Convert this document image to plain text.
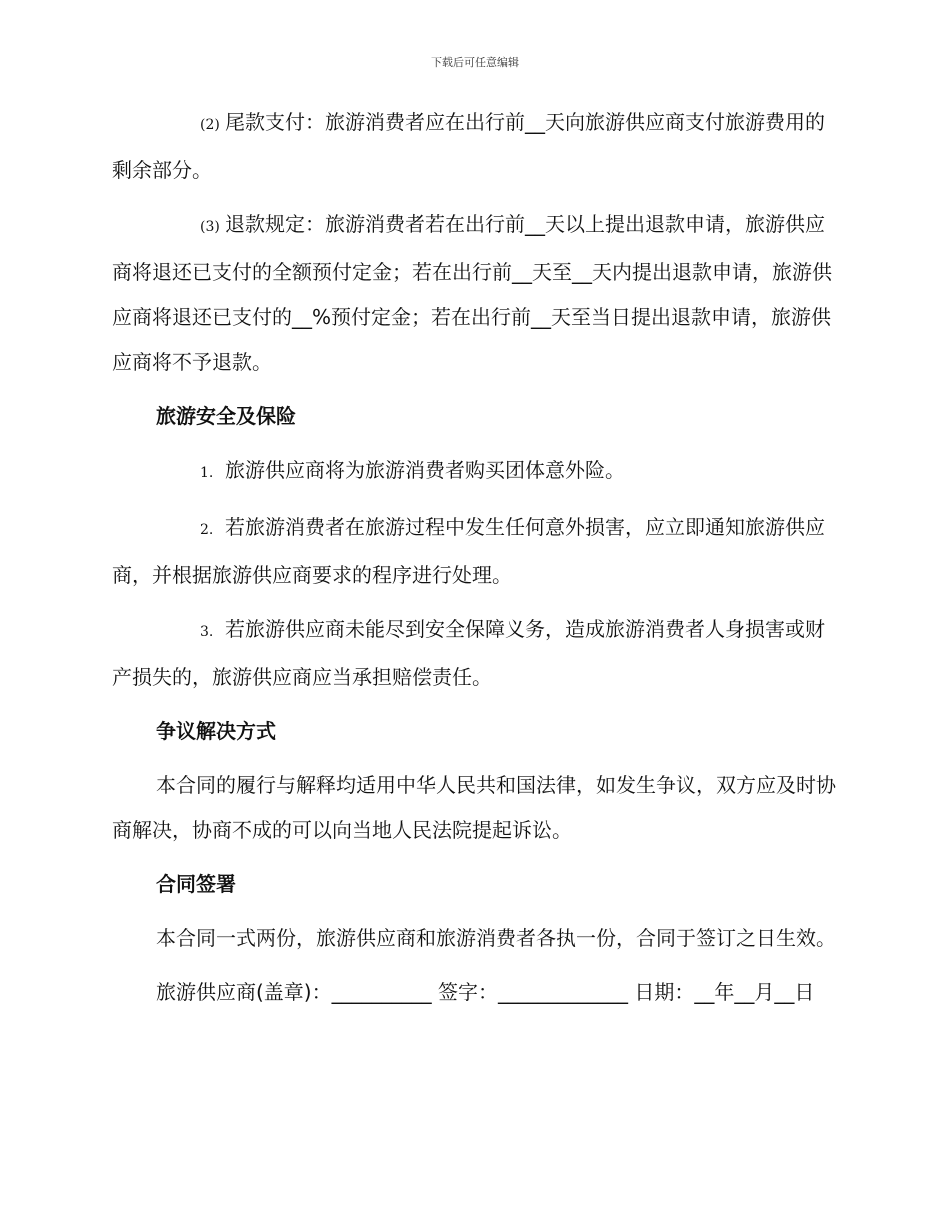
下载后可任意编辑

(2) 尾款支付：旅游消费者应在出行前__天向旅游供应商支付旅游费用的剩余部分。

(3) 退款规定：旅游消费者若在出行前__天以上提出退款申请，旅游供应商将退还已支付的全额预付定金；若在出行前__天至__天内提出退款申请，旅游供应商将退还已支付的__%预付定金；若在出行前__天至当日提出退款申请，旅游供应商将不予退款。

旅游安全及保险

1. 旅游供应商将为旅游消费者购买团体意外险。

2. 若旅游消费者在旅游过程中发生任何意外损害，应立即通知旅游供应商，并根据旅游供应商要求的程序进行处理。

3. 若旅游供应商未能尽到安全保障义务，造成旅游消费者人身损害或财产损失的，旅游供应商应当承担赔偿责任。

争议解决方式

本合同的履行与解释均适用中华人民共和国法律，如发生争议，双方应及时协商解决，协商不成的可以向当地人民法院提起诉讼。

合同签署

本合同一式两份，旅游供应商和旅游消费者各执一份，合同于签订之日生效。

旅游供应商(盖章)：__________ 签字：_____________ 日期：__年__月__日
